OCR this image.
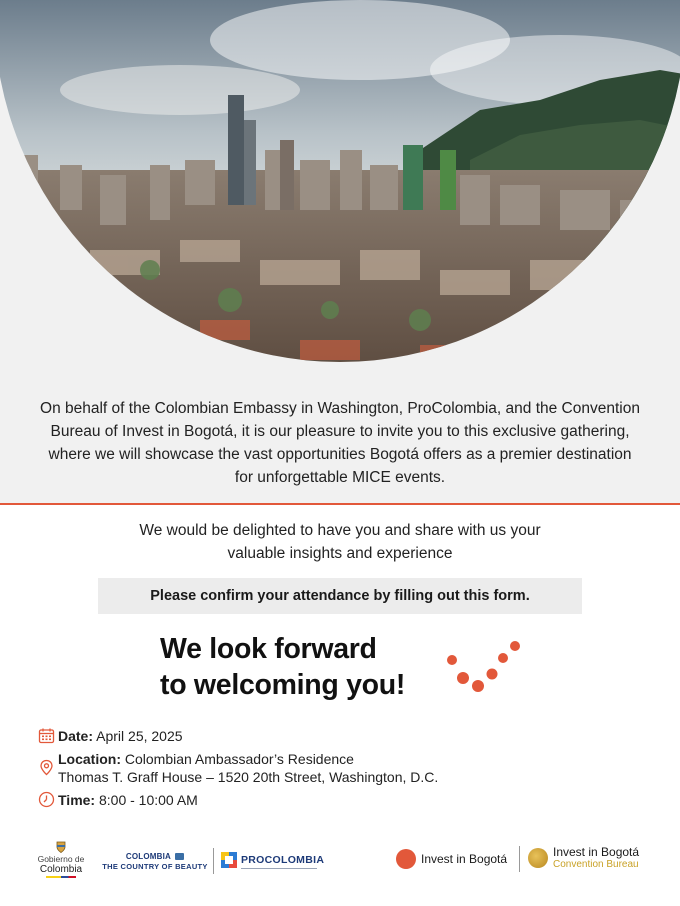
On behalf of the Colombian Embassy in Washington, ProColombia, and the Convention Bureau of Invest in Bogotá, it is our pleasure to invite you to this exclusive gathering, where we will showcase the vast opportunities Bogotá offers as a premier destination for unforgettable MICE events.

We would be delighted to have you and share with us your valuable insights and experience

Please confirm your attendance by filling out this form.
We look forward
to welcoming you!
Date: April 25, 2025
Location: Colombian Ambassador’s Residence
Thomas T. Graff House – 1520 20th Street, Washington, D.C.
Time: 8:00 - 10:00 AM
Gobierno de
Colombia
COLOMBIA
THE COUNTRY OF BEAUTY
PROCOLOMBIA	Invest in Bogotá	Invest in Bogotá
Convention Bureau
